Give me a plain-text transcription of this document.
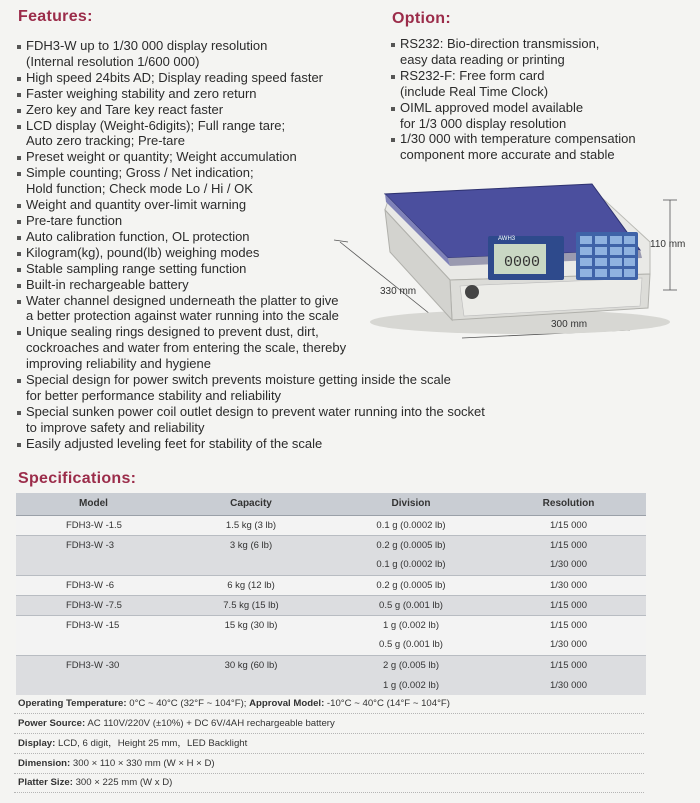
Features:
FDH3-W up to 1/30 000 display resolution
(Internal resolution 1/600 000)
High speed 24bits AD; Display reading speed faster
Faster weighing stability and zero return
Zero key and Tare key react faster
LCD display (Weight-6digits); Full range tare;
Auto zero tracking; Pre-tare
Preset weight or quantity; Weight accumulation
Simple counting; Gross / Net indication;
Hold function; Check mode Lo / Hi / OK
Weight and quantity over-limit warning
Pre-tare function
Auto calibration function, OL protection
Kilogram(kg), pound(lb) weighing modes
Stable sampling range setting function
Built-in rechargeable battery
Water channel designed underneath the platter to give
a better protection against water running into the scale
Unique sealing rings designed to prevent dust, dirt,
cockroaches and water from entering the scale, thereby
improving reliability and hygiene
Special design for power switch prevents moisture getting inside the scale
for better performance stability and reliability
Special sunken power coil outlet design to prevent water running into the socket
to improve safety and reliability
Easily adjusted leveling feet for stability of the scale
Option:
RS232: Bio-direction transmission,
easy data reading or printing
RS232-F: Free form card
(include Real Time Clock)
OIML approved model available
for 1/3 000 display resolution
1/30 000 with temperature compensation
component more accurate and stable
AWH3
0000
110 mm
330 mm
300 mm
Specifications:
Model	Capacity	Division	Resolution
FDH3-W -1.5	1.5 kg (3 lb)	0.1 g (0.0002 lb)	1/15 000
FDH3-W -3	3 kg (6 lb)	0.2 g (0.0005 lb)	1/15 000
		0.1 g (0.0002 lb)	1/30 000
FDH3-W -6	6 kg (12 lb)	0.2 g (0.0005 lb)	1/30 000
FDH3-W -7.5	7.5 kg (15 lb)	0.5 g (0.001 lb)	1/15 000
FDH3-W -15	15 kg (30 lb)	1 g (0.002 lb)	1/15 000
		0.5 g (0.001 lb)	1/30 000
FDH3-W -30	30 kg (60 lb)	2 g (0.005 lb)	1/15 000
		1 g (0.002 lb)	1/30 000
Operating Temperature: 0°C ~ 40°C (32°F ~ 104°F); Approval Model: -10°C ~ 40°C (14°F ~ 104°F)
Power Source: AC 110V/220V (±10%) + DC 6V/4AH rechargeable battery
Display: LCD, 6 digit，Height 25 mm，LED Backlight
Dimension: 300 × 110 × 330 mm (W × H × D)
Platter Size: 300 × 225 mm (W x D)
